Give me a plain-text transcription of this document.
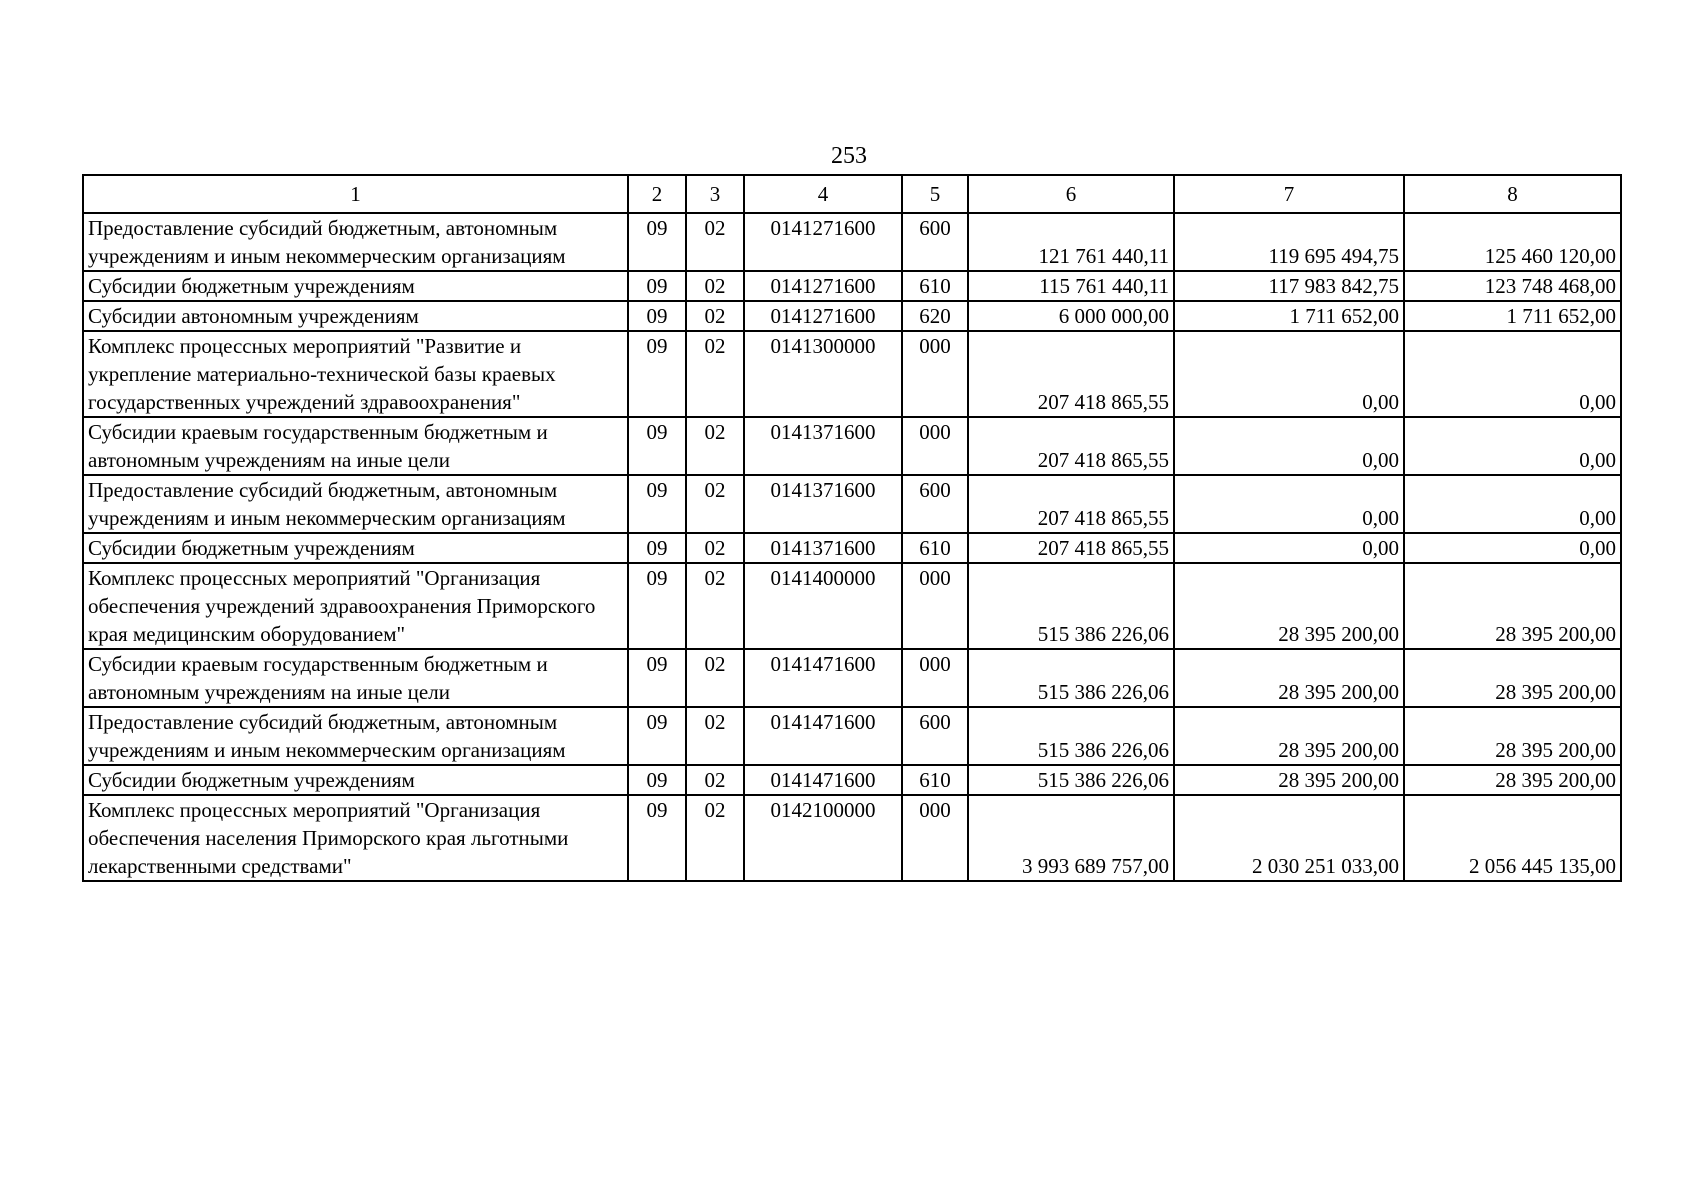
253
1	2	3	4	5	6	7	8
Предоставление субсидий бюджетным, автономным учреждениям и иным некоммерческим организациям	09	02	0141271600	600	121 761 440,11	119 695 494,75	125 460 120,00
Субсидии бюджетным учреждениям	09	02	0141271600	610	115 761 440,11	117 983 842,75	123 748 468,00
Субсидии автономным учреждениям	09	02	0141271600	620	6 000 000,00	1 711 652,00	1 711 652,00
Комплекс процессных мероприятий "Развитие и укрепление материально-технической базы краевых государственных учреждений здравоохранения"	09	02	0141300000	000	207 418 865,55	0,00	0,00
Субсидии краевым государственным бюджетным и автономным учреждениям на иные цели	09	02	0141371600	000	207 418 865,55	0,00	0,00
Предоставление субсидий бюджетным, автономным учреждениям и иным некоммерческим организациям	09	02	0141371600	600	207 418 865,55	0,00	0,00
Субсидии бюджетным учреждениям	09	02	0141371600	610	207 418 865,55	0,00	0,00
Комплекс процессных мероприятий "Организация обеспечения учреждений здравоохранения Приморского края медицинским оборудованием"	09	02	0141400000	000	515 386 226,06	28 395 200,00	28 395 200,00
Субсидии краевым государственным бюджетным и автономным учреждениям на иные цели	09	02	0141471600	000	515 386 226,06	28 395 200,00	28 395 200,00
Предоставление субсидий бюджетным, автономным учреждениям и иным некоммерческим организациям	09	02	0141471600	600	515 386 226,06	28 395 200,00	28 395 200,00
Субсидии бюджетным учреждениям	09	02	0141471600	610	515 386 226,06	28 395 200,00	28 395 200,00
Комплекс процессных мероприятий "Организация обеспечения населения Приморского края льготными лекарственными средствами"	09	02	0142100000	000	3 993 689 757,00	2 030 251 033,00	2 056 445 135,00
